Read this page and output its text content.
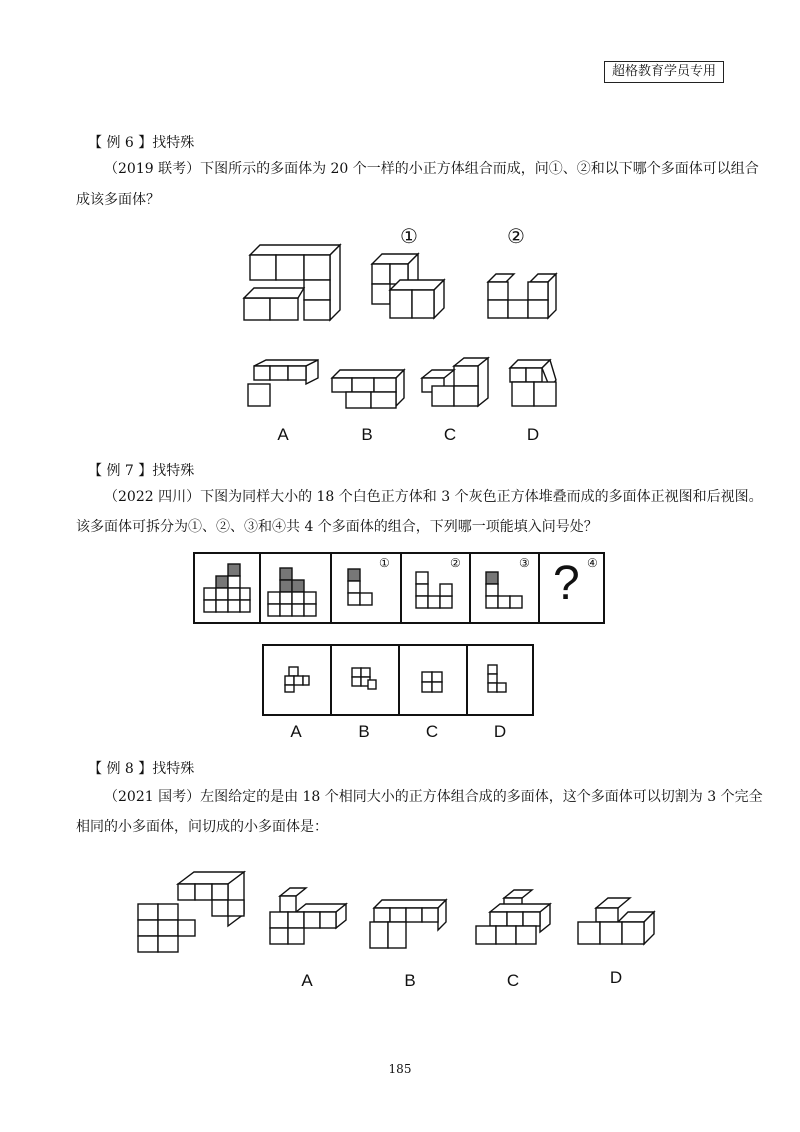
超格教育学员专用
【 例 6 】找特殊
（2019 联考）下图所示的多面体为 20 个一样的小正方体组合而成，问①、②和以下哪个多面体可以组合
成该多面体？
①	②
A	B	C	D
【 例 7 】找特殊
（2022 四川）下图为同样大小的 18 个白色正方体和 3 个灰色正方体堆叠而成的多面体正视图和后视图。
该多面体可拆分为①、②、③和④共 4 个多面体的组合，下列哪一项能填入问号处？
①	②	③	④
?
A	B	C	D
【 例 8 】找特殊
（2021 国考）左图给定的是由 18 个相同大小的正方体组合成的多面体，这个多面体可以切割为 3 个完全
相同的小多面体，问切成的小多面体是：
A	B	C	D
185
